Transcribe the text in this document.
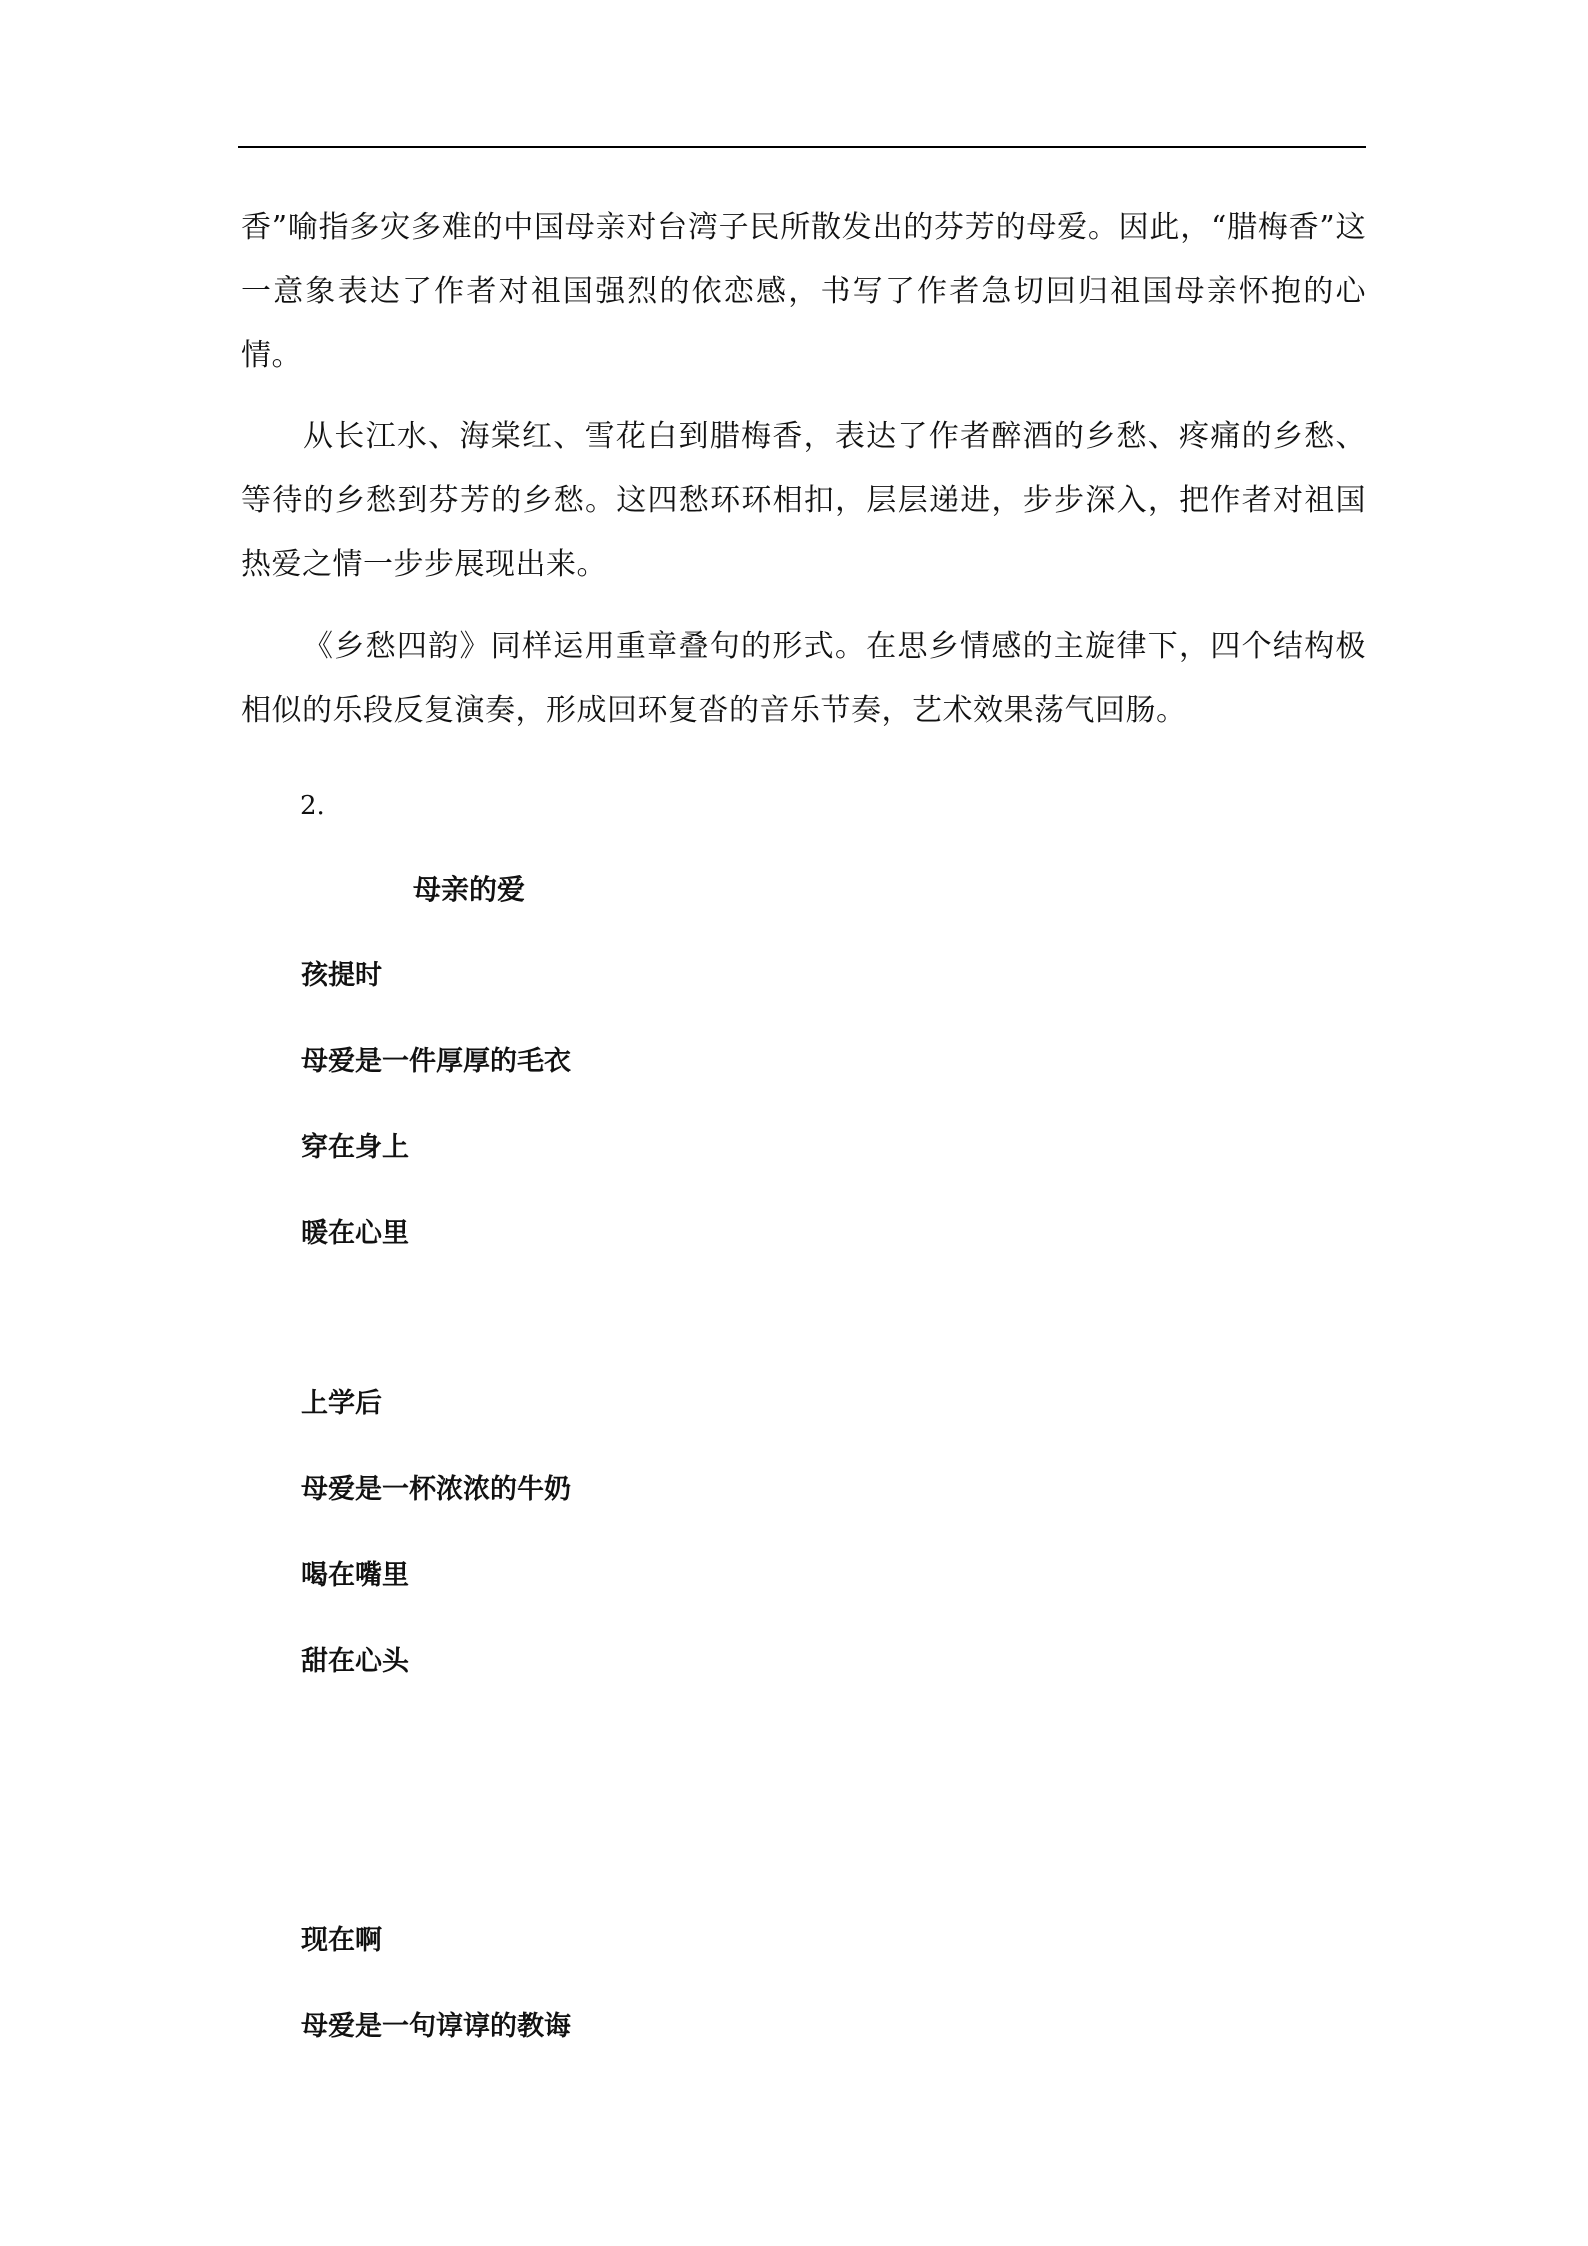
香”喻指多灾多难的中国母亲对台湾子民所散发出的芬芳的母爱。因此，“腊梅香”这一意象表达了作者对祖国强烈的依恋感，书写了作者急切回归祖国母亲怀抱的心情。

从长江水、海棠红、雪花白到腊梅香，表达了作者醉酒的乡愁、疼痛的乡愁、等待的乡愁到芬芳的乡愁。这四愁环环相扣，层层递进，步步深入，把作者对祖国热爱之情一步步展现出来。

《乡愁四韵》同样运用重章叠句的形式。在思乡情感的主旋律下，四个结构极相似的乐段反复演奏，形成回环复沓的音乐节奏，艺术效果荡气回肠。

2.
母亲的爱
孩提时
母爱是一件厚厚的毛衣
穿在身上
暖在心里
上学后
母爱是一杯浓浓的牛奶
喝在嘴里
甜在心头
现在啊
母爱是一句谆谆的教诲
